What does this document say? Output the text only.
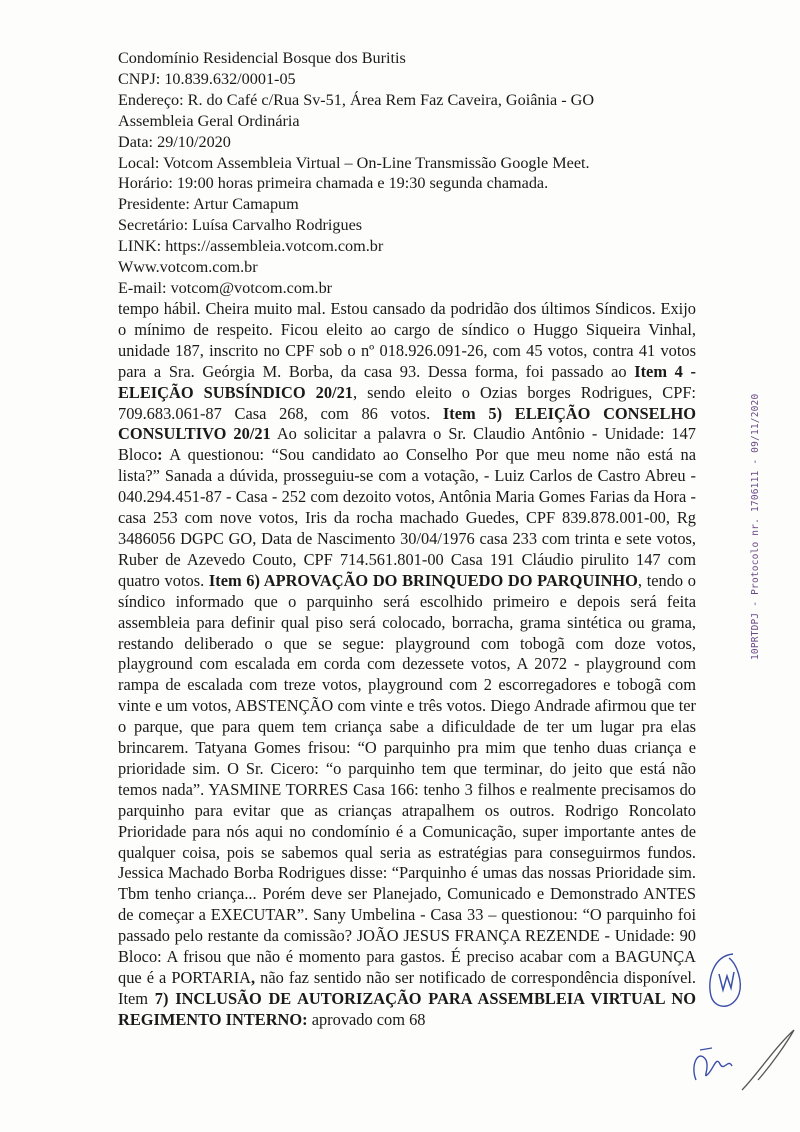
Condomínio Residencial Bosque dos Buritis
CNPJ: 10.839.632/0001-05
Endereço: R. do Café c/Rua Sv-51, Área Rem Faz Caveira, Goiânia - GO
Assembleia Geral Ordinária
Data: 29/10/2020
Local: Votcom Assembleia Virtual – On-Line Transmissão Google Meet.
Horário: 19:00 horas primeira chamada e 19:30 segunda chamada.
Presidente: Artur Camapum
Secretário: Luísa Carvalho Rodrigues
LINK: https://assembleia.votcom.com.br
Www.votcom.com.br
E-mail: votcom@votcom.com.br
tempo hábil. Cheira muito mal. Estou cansado da podridão dos últimos Síndicos. Exijo o mínimo de respeito. Ficou eleito ao cargo de síndico o Huggo Siqueira Vinhal, unidade 187, inscrito no CPF sob o nº 018.926.091-26, com 45 votos, contra 41 votos para a Sra. Geórgia M. Borba, da casa 93. Dessa forma, foi passado ao Item 4 - ELEIÇÃO SUBSÍNDICO 20/21, sendo eleito o Ozias borges Rodrigues, CPF: 709.683.061-87 Casa 268, com 86 votos. Item 5) ELEIÇÃO CONSELHO CONSULTIVO 20/21 Ao solicitar a palavra o Sr. Claudio Antônio - Unidade: 147 Bloco: A questionou: “Sou candidato ao Conselho Por que meu nome não está na lista?” Sanada a dúvida, prosseguiu-se com a votação, - Luiz Carlos de Castro Abreu - 040.294.451-87 - Casa - 252 com dezoito votos, Antônia Maria Gomes Farias da Hora - casa 253 com nove votos, Iris da rocha machado Guedes, CPF 839.878.001-00, Rg 3486056 DGPC GO, Data de Nascimento 30/04/1976 casa 233 com trinta e sete votos, Ruber de Azevedo Couto, CPF 714.561.801-00 Casa 191 Cláudio pirulito 147 com quatro votos. Item 6) APROVAÇÃO DO BRINQUEDO DO PARQUINHO, tendo o síndico informado que o parquinho será escolhido primeiro e depois será feita assembleia para definir qual piso será colocado, borracha, grama sintética ou grama, restando deliberado o que se segue: playground com tobogã com doze votos, playground com escalada em corda com dezessete votos, A 2072 - playground com rampa de escalada com treze votos, playground com 2 escorregadores e tobogã com vinte e um votos, ABSTENÇÃO com vinte e três votos. Diego Andrade afirmou que ter o parque, que para quem tem criança sabe a dificuldade de ter um lugar pra elas brincarem. Tatyana Gomes frisou: “O parquinho pra mim que tenho duas criança e prioridade sim. O Sr. Cicero: “o parquinho tem que terminar, do jeito que está não temos nada”. YASMINE TORRES Casa 166: tenho 3 filhos e realmente precisamos do parquinho para evitar que as crianças atrapalhem os outros. Rodrigo Roncolato Prioridade para nós aqui no condomínio é a Comunicação, super importante antes de qualquer coisa, pois se sabemos qual seria as estratégias para conseguirmos fundos. Jessica Machado Borba Rodrigues disse: “Parquinho é umas das nossas Prioridade sim. Tbm tenho criança... Porém deve ser Planejado, Comunicado e Demonstrado ANTES de começar a EXECUTAR”. Sany Umbelina - Casa 33 – questionou: “O parquinho foi passado pelo restante da comissão? JOÃO JESUS FRANÇA REZENDE - Unidade: 90 Bloco: A frisou que não é momento para gastos. É preciso acabar com a BAGUNÇA que é a PORTARIA, não faz sentido não ser notificado de correspondência disponível. Item 7) INCLUSÃO DE AUTORIZAÇÃO PARA ASSEMBLEIA VIRTUAL NO REGIMENTO INTERNO: aprovado com 68
10PRTDPJ - Protocolo nr. 1706111 - 09/11/2020
